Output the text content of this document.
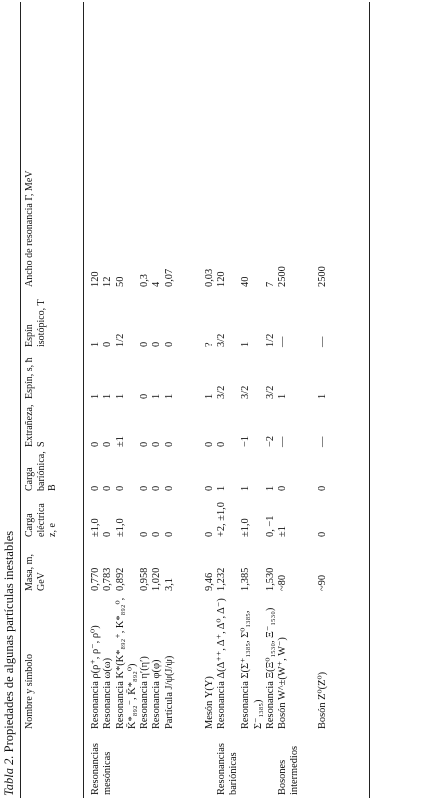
Tabla 2. Propiedades de algunas partículas inestables
	Nombre y símbolo	Masa, m, GeV	Carga eléctrica z, e	Carga bariónica, B	Extrañeza, S	Espín, s, ħ	Espín isotópico, T	Ancho de resonancia Γ, MeV	
Resonancias	Resonancia ρ(ρ⁺, ρ⁻, ρ⁰)	0,770	±1,0	0	0	1	1	120	
mesónicas	Resonancia ω(ω)	0,783	0	0	0	1	0	12	
	Resonancia K*(K*₈₉₂⁺, K*₈₉₂⁰, K̄*₈₉₂⁻, K̄*₈₉₂⁰)	0,892	±1,0	0	±1	1	1/2	50	
	Resonancia η′(η′)	0,958	0	0	0	0	0	0,3	
	Resonancia φ(φ)	1,020	0	0	0	1	0	4	
	Partícula J/ψ(J/ψ)	3,1	0	0	0	1	0	0,07	

	Mesón Υ(Υ)	9,46	0	0	0	1	?	0,03	
Resonancias bariónicas	Resonancia Δ(Δ⁺⁺, Δ⁺, Δ⁰, Δ⁻)	1,232	+2, ±1,0	1	0	3/2	3/2	120	
	Resonancia Σ(Σ⁺₁₃₈₅, Σ⁰₁₃₈₅, Σ⁻₁₃₈₅)	1,385	±1,0	1	−1	3/2	1	40	
	Resonancia Ξ(Ξ⁰₁₅₃₀, Ξ⁻₁₅₃₀)	1,530	0, −1	1	−2	3/2	1/2	7	
Bosones intermedios	Bosón W^±(W⁺, W⁻)	~80	±1	0	—	1	—	2500	

	Bosón Z⁰(Z⁰)	~90	0	0	—	1	—	2500	
